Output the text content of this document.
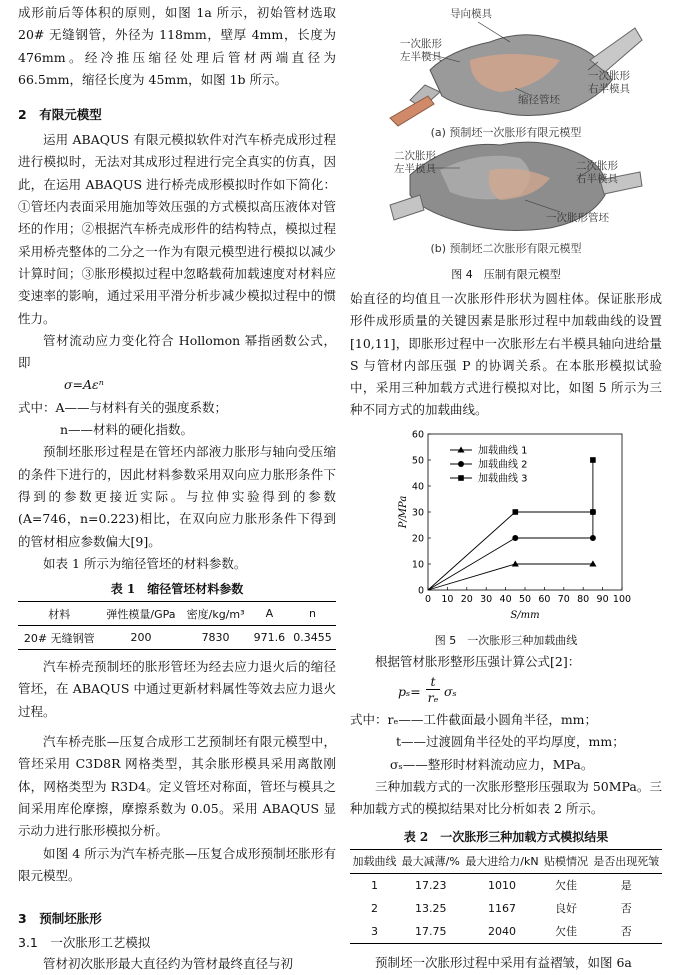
成形前后等体积的原则，如图 1a 所示，初始管材选取 20# 无缝钢管，外径为 118mm，壁厚 4mm，长度为 476mm。经冷推压缩径处理后管材两端直径为 66.5mm，缩径长度为 45mm，如图 1b 所示。

2　有限元模型

运用 ABAQUS 有限元模拟软件对汽车桥壳成形过程进行模拟时，无法对其成形过程进行完全真实的仿真，因此，在运用 ABAQUS 进行桥壳成形模拟时作如下简化：①管坯内表面采用施加等效压强的方式模拟高压液体对管坯的作用；②根据汽车桥壳成形件的结构特点，模拟过程采用桥壳整体的二分之一作为有限元模型进行模拟以减少计算时间；③胀形模拟过程中忽略载荷加载速度对材料应变速率的影响，通过采用平滑分析步减少模拟过程中的惯性力。

管材流动应力变化符合 Hollomon 幂指函数公式，即

σ=Aεⁿ

式中：A——与材料有关的强度系数；

n——材料的硬化指数。

预制坯胀形过程是在管坯内部液力胀形与轴向受压缩的条件下进行的，因此材料参数采用双向应力胀形条件下得到的参数更接近实际。与拉伸实验得到的参数(A=746，n=0.223)相比，在双向应力胀形条件下得到的管材相应参数偏大[9]。

如表 1 所示为缩径管坯的材料参数。

表 1　缩径管坯材料参数
材料	弹性模量/GPa	密度/kg/m³	A	n
20# 无缝钢管	200	7830	971.6	0.3455

汽车桥壳预制坯的胀形管坯为经去应力退火后的缩径管坯，在 ABAQUS 中通过更新材料属性等效去应力退火过程。

汽车桥壳胀—压复合成形工艺预制坯有限元模型中，管坯采用 C3D8R 网格类型，其余胀形模具采用离散刚体，网格类型为 R3D4。定义管坯对称面，管坯与模具之间采用库伦摩擦，摩擦系数为 0.05。采用 ABAQUS 显示动力进行胀形模拟分析。

如图 4 所示为汽车桥壳胀—压复合成形预制坯胀形有限元模型。

3　预制坯胀形

3.1　一次胀形工艺模拟

管材初次胀形最大直径约为管材最终直径与初

导向模具
一次胀形
左半模具
一次胀形
右半模具
缩径管坯
(a) 预制坯一次胀形有限元模型
二次胀形
左半模具	二次胀形
右半模具
一次胀形管坯
(b) 预制坯二次胀形有限元模型
图 4　压制有限元模型

始直径的均值且一次胀形件形状为圆柱体。保证胀形成形件成形质量的关键因素是胀形过程中加载曲线的设置[10,11]，即胀形过程中一次胀形左右半模具轴向进给量 S 与管材内部压强 P 的协调关系。在本胀形模拟试验中，采用三种加载方式进行模拟对比，如图 5 所示为三种不同方式的加载曲线。

0 10 20 30 40 50 60 70 80 90 100
0
10
20
30
40
50
60
S/mm
P/MPa
加载曲线 1
加载曲线 2
加载曲线 3
图 5　一次胀形三种加载曲线

根据管材胀形整形压强计算公式[2]：

pₛ=
t
rₑ σₛ

式中：rₑ——工件截面最小圆角半径，mm；

t——过渡圆角半径处的平均厚度，mm；

σₛ——整形时材料流动应力，MPa。

三种加载方式的一次胀形整形压强取为 50MPa。三种加载方式的模拟结果对比分析如表 2 所示。

表 2　一次胀形三种加载方式模拟结果
加载曲线	最大减薄/%	最大进给力/kN	贴模情况	是否出现死皱
1	17.23	1010	欠佳	是
2	13.25	1167	良好	否
3	17.75	2040	欠佳	否

预制坯一次胀形过程中采用有益褶皱，如图 6a
